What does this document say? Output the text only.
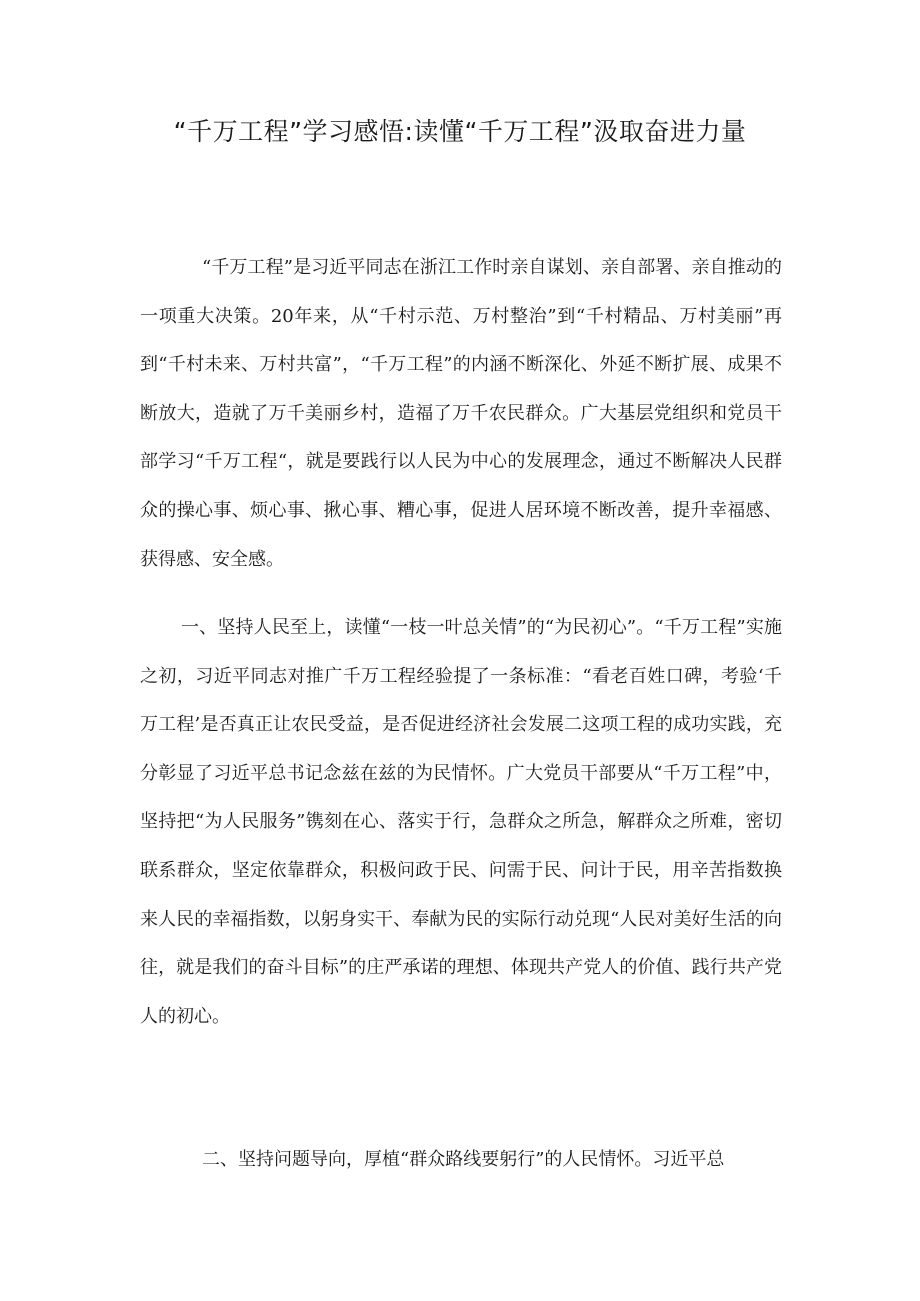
“千万工程”学习感悟:读懂“千万工程”汲取奋进力量

“千万工程”是习近平同志在浙江工作时亲自谋划、亲自部署、亲自推动的一项重大决策。20年来，从“千村示范、万村整治”到“千村精品、万村美丽”再到“千村未来、万村共富”，“千万工程”的内涵不断深化、外延不断扩展、成果不断放大，造就了万千美丽乡村，造福了万千农民群众。广大基层党组织和党员干部学习“千万工程“，就是要践行以人民为中心的发展理念，通过不断解决人民群众的操心事、烦心事、揪心事、糟心事，促进人居环境不断改善，提升幸福感、获得感、安全感。

一、坚持人民至上，读懂“一枝一叶总关情”的“为民初心”。“千万工程”实施之初，习近平同志对推广千万工程经验提了一条标准：“看老百姓口碑，考验‘千万工程’是否真正让农民受益，是否促进经济社会发展二这项工程的成功实践，充分彰显了习近平总书记念兹在兹的为民情怀。广大党员干部要从“千万工程”中，坚持把“为人民服务”镌刻在心、落实于行，急群众之所急，解群众之所难，密切联系群众，坚定依靠群众，积极问政于民、问需于民、问计于民，用辛苦指数换来人民的幸福指数，以躬身实干、奉献为民的实际行动兑现“人民对美好生活的向往，就是我们的奋斗目标”的庄严承诺的理想、体现共产党人的价值、践行共产党人的初心。

二、坚持问题导向，厚植“群众路线要躬行”的人民情怀。习近平总
